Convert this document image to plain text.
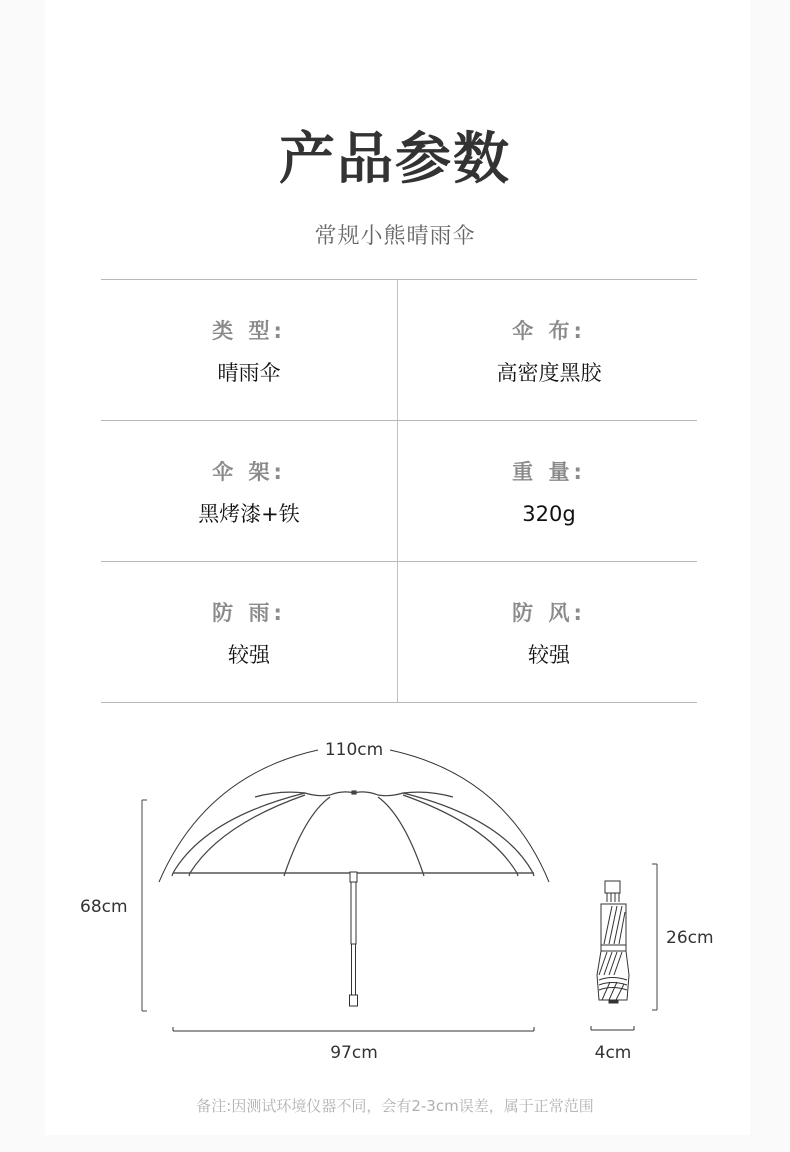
产品参数
常规小熊晴雨伞
类 型:
晴雨伞
伞 布:
高密度黑胶
伞 架:
黑烤漆+铁
重 量:
320g
防 雨:
较强
防 风:
较强
110cm
68cm
97cm
26cm
4cm
备注:因测试环境仪器不同，会有2-3cm误差，属于正常范围
